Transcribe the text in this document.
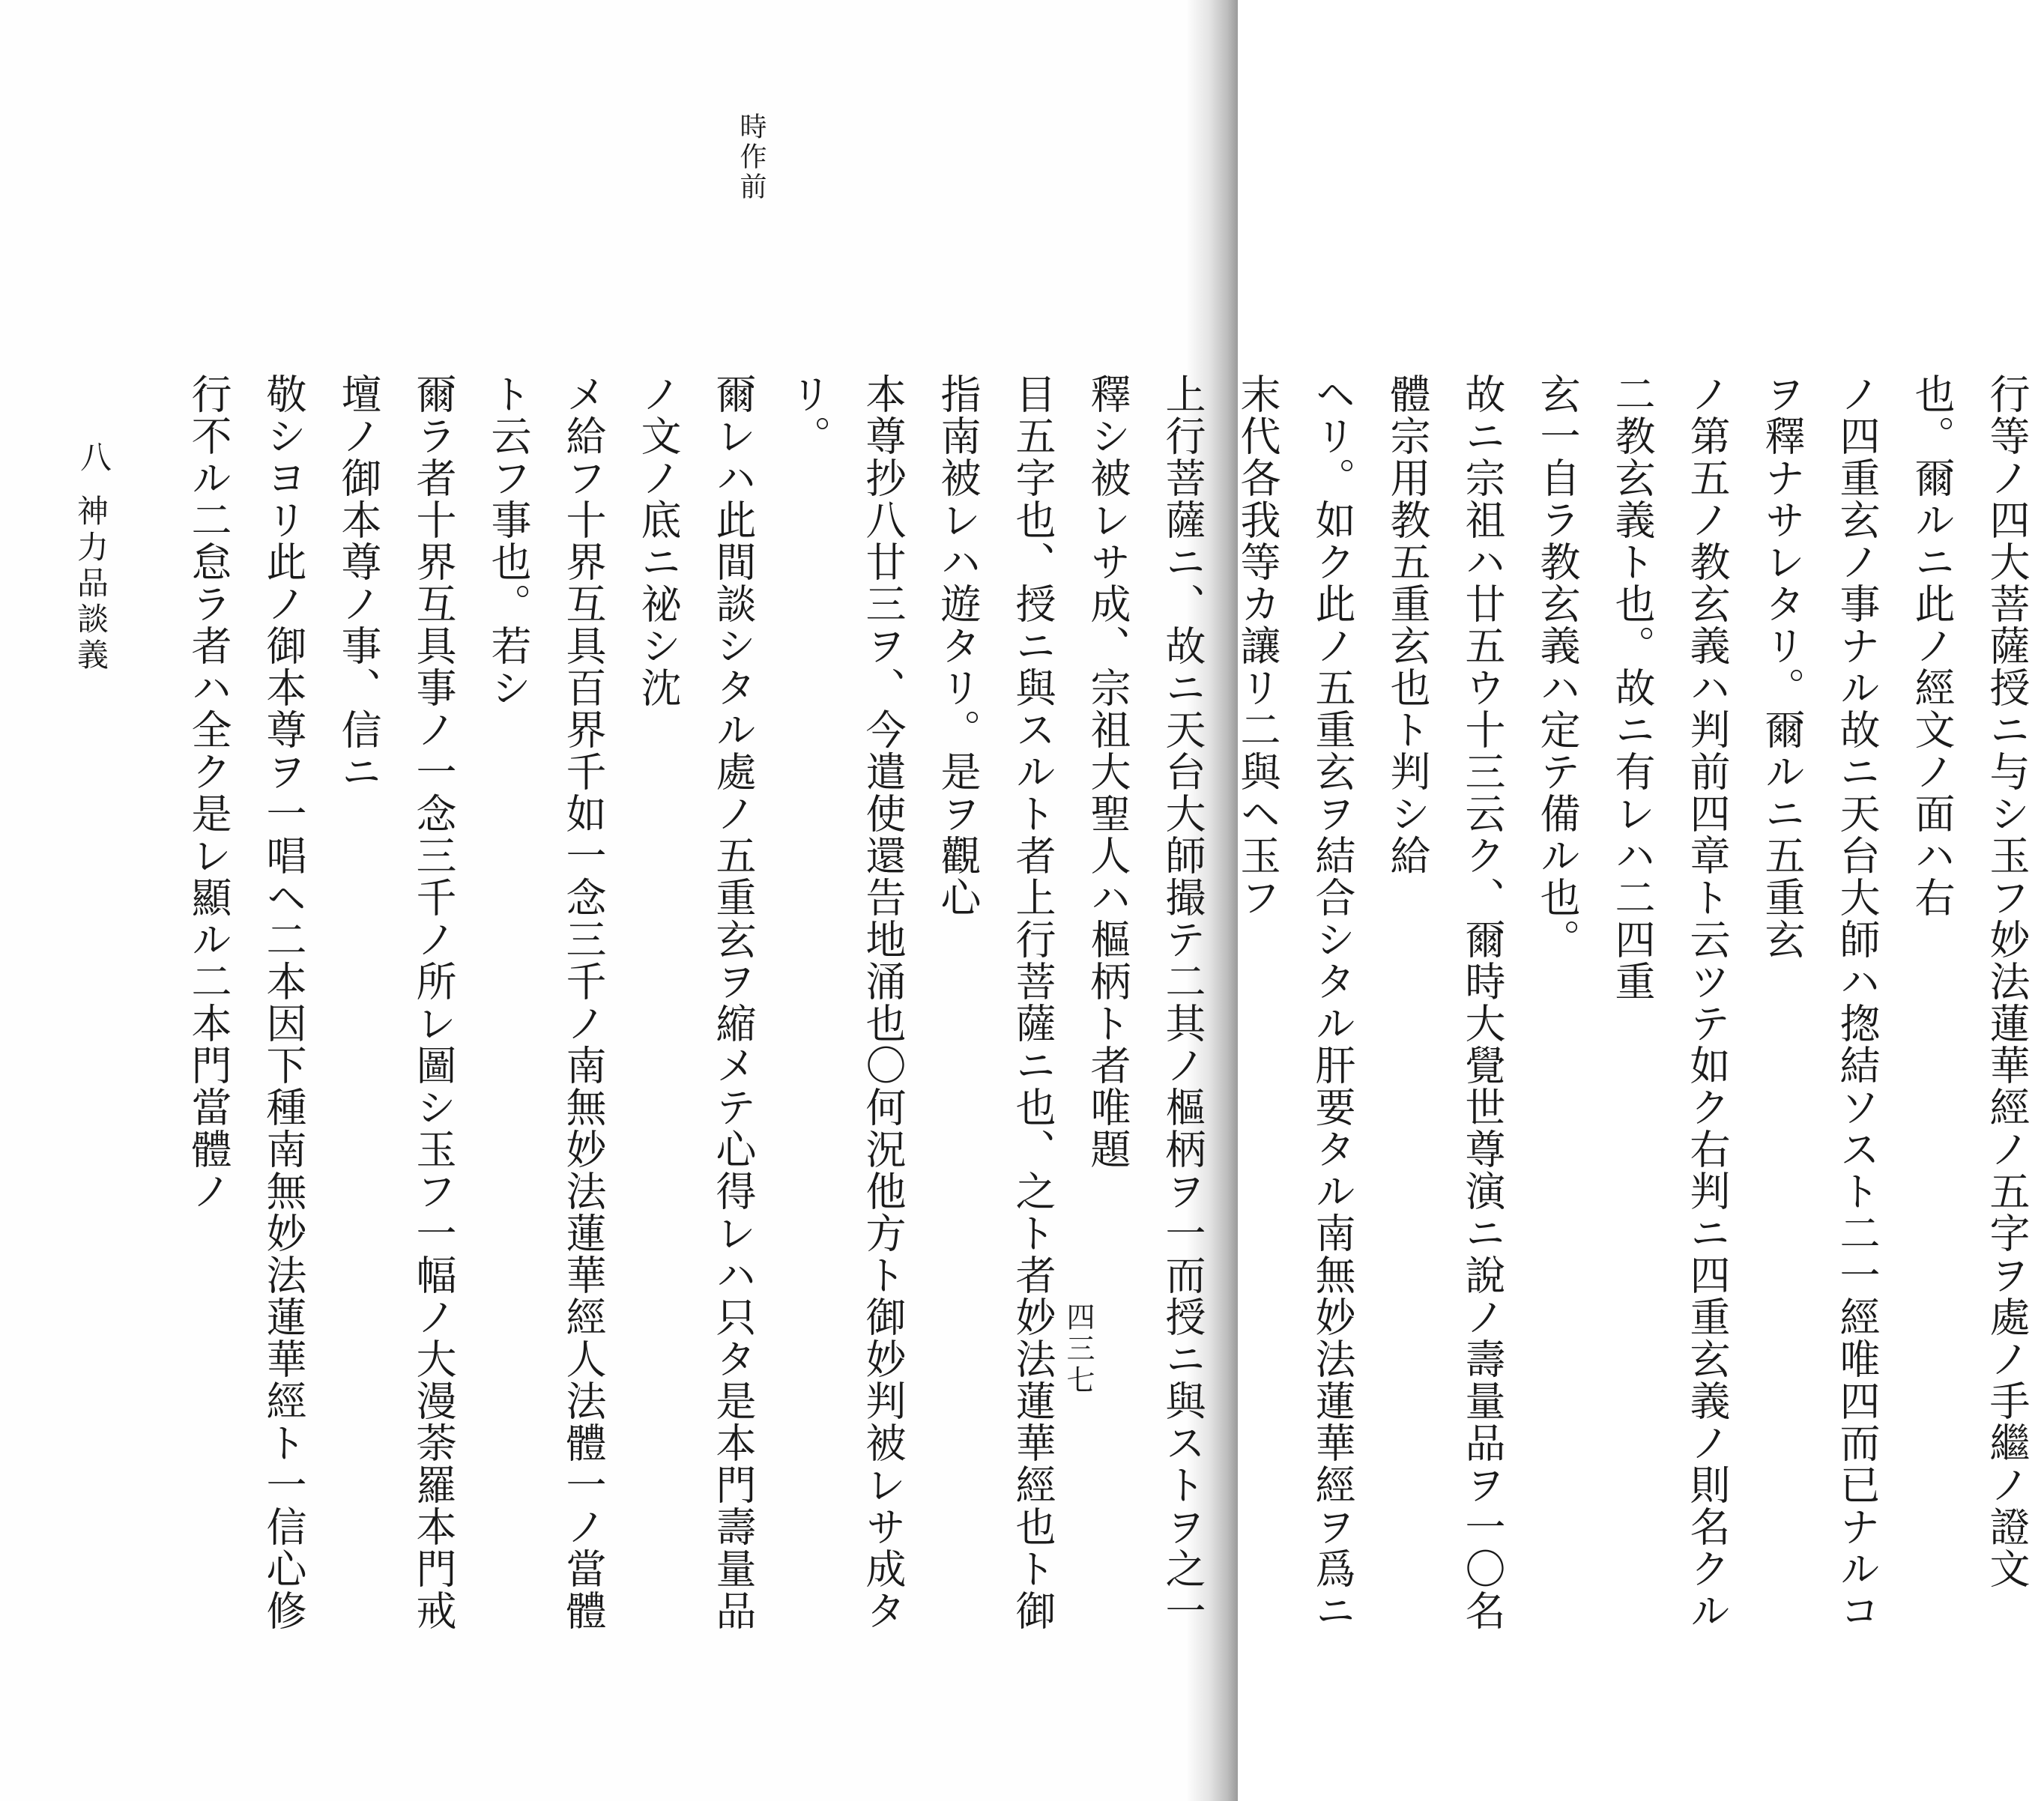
時作前
行等ノ四大菩薩授ニ与シ玉フ妙法蓮華經ノ五字ヲ處ノ手繼ノ證文也。爾ルニ此ノ經文ノ面ハ右
ノ四重玄ノ事ナル故ニ天台大師ハ揔結ソスト二一經唯四而已ナルコヲ釋ナサレタリ。爾ルニ五重玄
ノ第五ノ教玄義ハ判前四章ト云ツテ如ク右判ニ四重玄義ノ則名クル二教玄義ト也。故ニ有レハ二四重
玄一自ラ教玄義ハ定テ備ル也。
故ニ宗祖ハ廿五ウ十三云ク、爾時大覺世尊演ニ說ノ壽量品ヲ一〇名體宗用教五重玄也ト判シ給
ヘリ。如ク此ノ五重玄ヲ結合シタル肝要タル南無妙法蓮華經ヲ爲ニ末代各我等カ讓リ二與ヘ玉フ
上行菩薩ニ、故ニ天台大師撮テ二其ノ樞柄ヲ一而授ニ與ストヲ之一釋シ被レサ成、宗祖大聖人ハ樞柄ト者唯題
目五字也、授ニ與スルト者上行菩薩ニ也、之ト者妙法蓮華經也ト御指南被レハ遊タリ。是ヲ觀心
本尊抄八廿三ヲ、今遣使還告地涌也〇何況他方ト御妙判被レサ成タリ。
爾レハ此間談シタル處ノ五重玄ヲ縮メテ心得レハ只タ是本門壽量品ノ文ノ底ニ祕シ沈
メ給フ十界互具百界千如一念三千ノ南無妙法蓮華經人法體一ノ當體ト云フ事也。若シ
爾ラ者十界互具事ノ一念三千ノ所レ圖シ玉フ一幅ノ大漫荼羅本門戒壇ノ御本尊ノ事、信ニ
敬シヨリ此ノ御本尊ヲ一唱ヘ二本因下種南無妙法蓮華經ト一信心修行不ル二怠ラ者ハ全ク是レ顯ル二本門當體ノ
八
神力品談義
四三七
